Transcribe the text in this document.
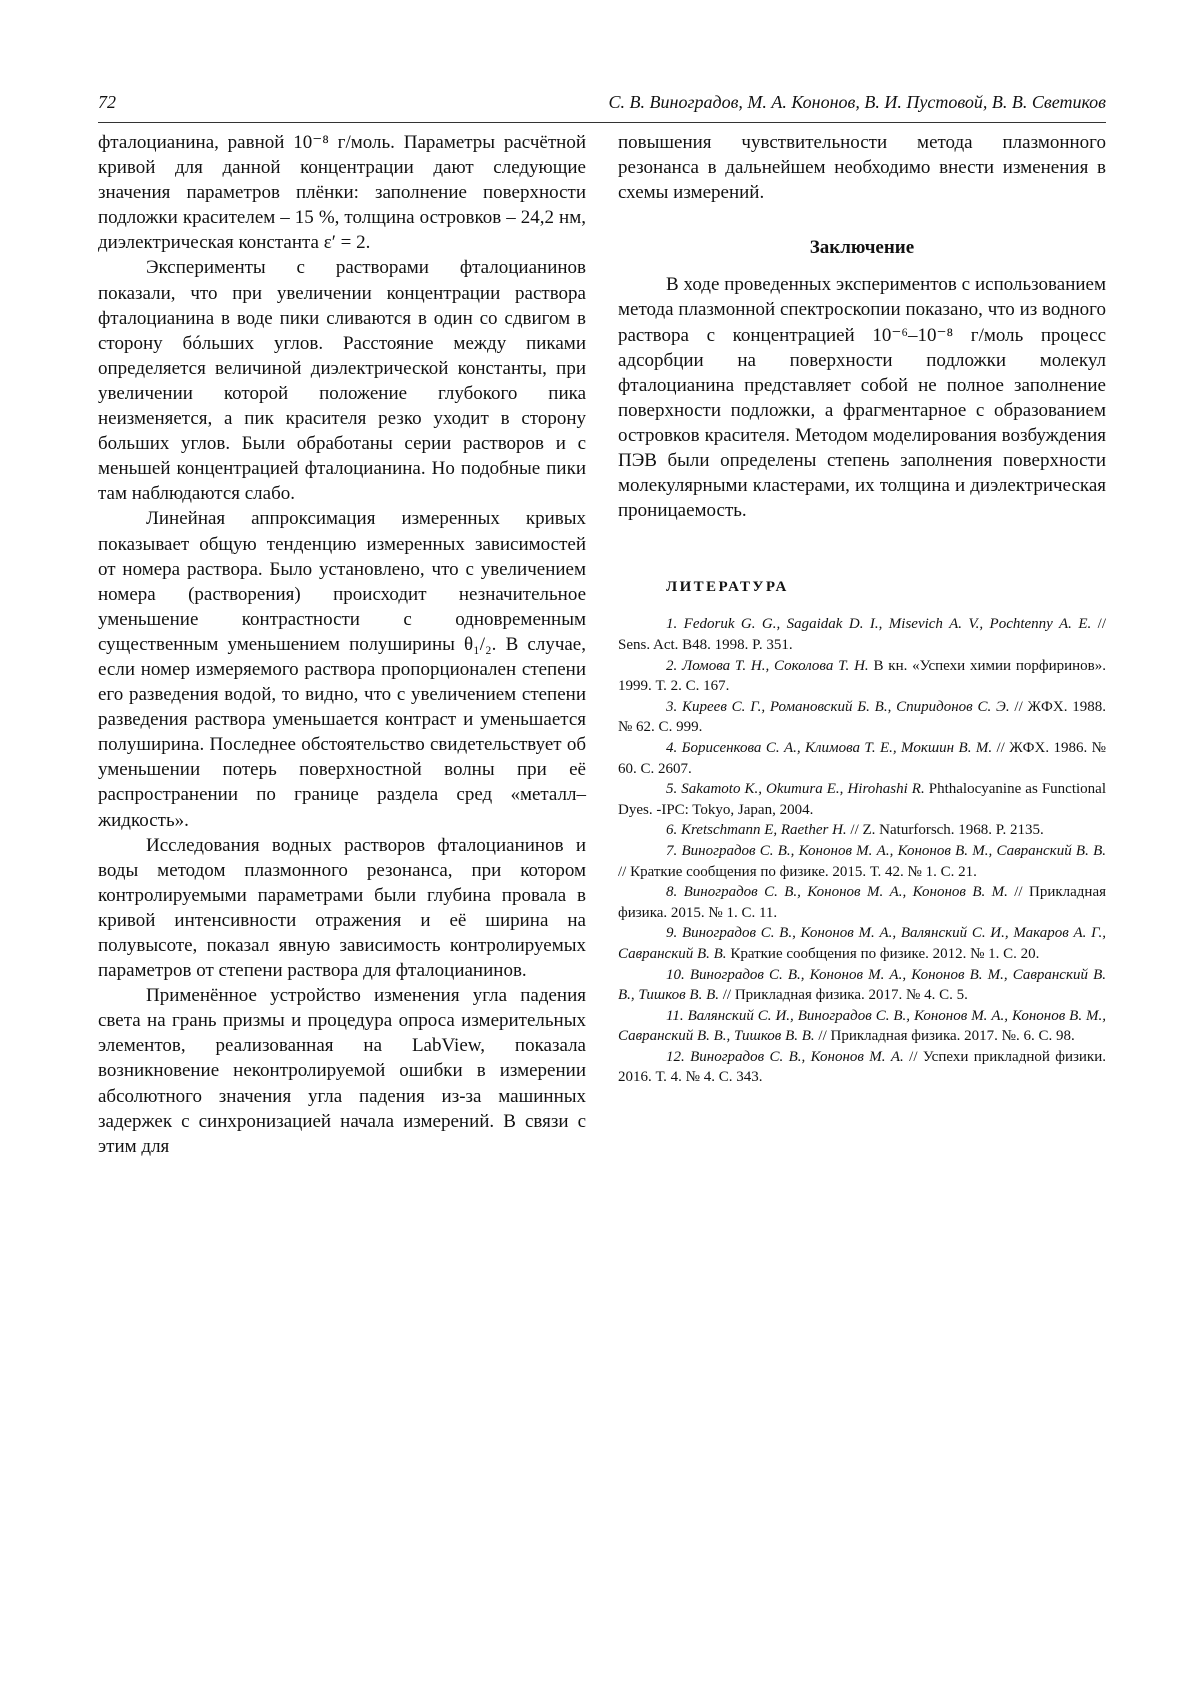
72	С. В. Виноградов, М. А. Кононов, В. И. Пустовой, В. В. Светиков

фталоцианина, равной 10⁻⁸ г/моль. Параметры расчётной кривой для данной концентрации дают следующие значения параметров плёнки: заполнение поверхности подложки красителем – 15 %, толщина островков – 24,2 нм, диэлектрическая константа ε′ = 2.

Эксперименты с растворами фталоцианинов показали, что при увеличении концентрации раствора фталоцианина в воде пики сливаются в один со сдвигом в сторону бóльших углов. Расстояние между пиками определяется величиной диэлектрической константы, при увеличении которой положение глубокого пика неизменяется, а пик красителя резко уходит в сторону больших углов. Были обработаны серии растворов и с меньшей концентрацией фталоцианина. Но подобные пики там наблюдаются слабо.

Линейная аппроксимация измеренных кривых показывает общую тенденцию измеренных зависимостей от номера раствора. Было установлено, что с увеличением номера (растворения) происходит незначительное уменьшение контрастности с одновременным существенным уменьшением полуширины θ₁/₂. В случае, если номер измеряемого раствора пропорционален степени его разведения водой, то видно, что с увеличением степени разведения раствора уменьшается контраст и уменьшается полуширина. Последнее обстоятельство свидетельствует об уменьшении потерь поверхностной волны при её распространении по границе раздела сред «металл–жидкость».

Исследования водных растворов фталоцианинов и воды методом плазмонного резонанса, при котором контролируемыми параметрами были глубина провала в кривой интенсивности отражения и её ширина на полувысоте, показал явную зависимость контролируемых параметров от степени раствора для фталоцианинов.

Применённое устройство изменения угла падения света на грань призмы и процедура опроса измерительных элементов, реализованная на LabView, показала возникновение неконтролируемой ошибки в измерении абсолютного значения угла падения из-за машинных задержек с синхронизацией начала измерений. В связи с этим для

повышения чувствительности метода плазмонного резонанса в дальнейшем необходимо внести изменения в схемы измерений.

Заключение

В ходе проведенных экспериментов с использованием метода плазмонной спектроскопии показано, что из водного раствора с концентрацией 10⁻⁶–10⁻⁸ г/моль процесс адсорбции на поверхности подложки молекул фталоцианина представляет собой не полное заполнение поверхности подложки, а фрагментарное с образованием островков красителя. Методом моделирования возбуждения ПЭВ были определены степень заполнения поверхности молекулярными кластерами, их толщина и диэлектрическая проницаемость.

ЛИТЕРАТУРА

1. Fedoruk G. G., Sagaidak D. I., Misevich A. V., Pochtenny A. E. // Sens. Act. B48. 1998. P. 351.

2. Ломова Т. Н., Соколова Т. Н. В кн. «Успехи химии порфиринов». 1999. Т. 2. С. 167.

3. Киреев С. Г., Романовский Б. В., Спиридонов С. Э. // ЖФХ. 1988. № 62. С. 999.

4. Борисенкова С. А., Климова Т. Е., Мокшин В. М. // ЖФХ. 1986. № 60. С. 2607.

5. Sakamoto K., Okumura E., Hirohashi R. Phthalocyanine as Functional Dyes. -IPC: Tokyo, Japan, 2004.

6. Kretschmann E, Raether H. // Z. Naturforsch. 1968. P. 2135.

7. Виноградов С. В., Кононов М. А., Кононов В. М., Савранский В. В. // Краткие сообщения по физике. 2015. Т. 42. № 1. С. 21.

8. Виноградов С. В., Кононов М. А., Кононов В. М. // Прикладная физика. 2015. № 1. С. 11.

9. Виноградов С. В., Кононов М. А., Валянский С. И., Макаров А. Г., Савранский В. В. Краткие сообщения по физике. 2012. № 1. С. 20.

10. Виноградов С. В., Кононов М. А., Кононов В. М., Савранский В. В., Тишков В. В. // Прикладная физика. 2017. № 4. С. 5.

11. Валянский С. И., Виноградов С. В., Кононов М. А., Кононов В. М., Савранский В. В., Тишков В. В. // Прикладная физика. 2017. №. 6. С. 98.

12. Виноградов С. В., Кононов М. А. // Успехи прикладной физики. 2016. Т. 4. № 4. С. 343.
